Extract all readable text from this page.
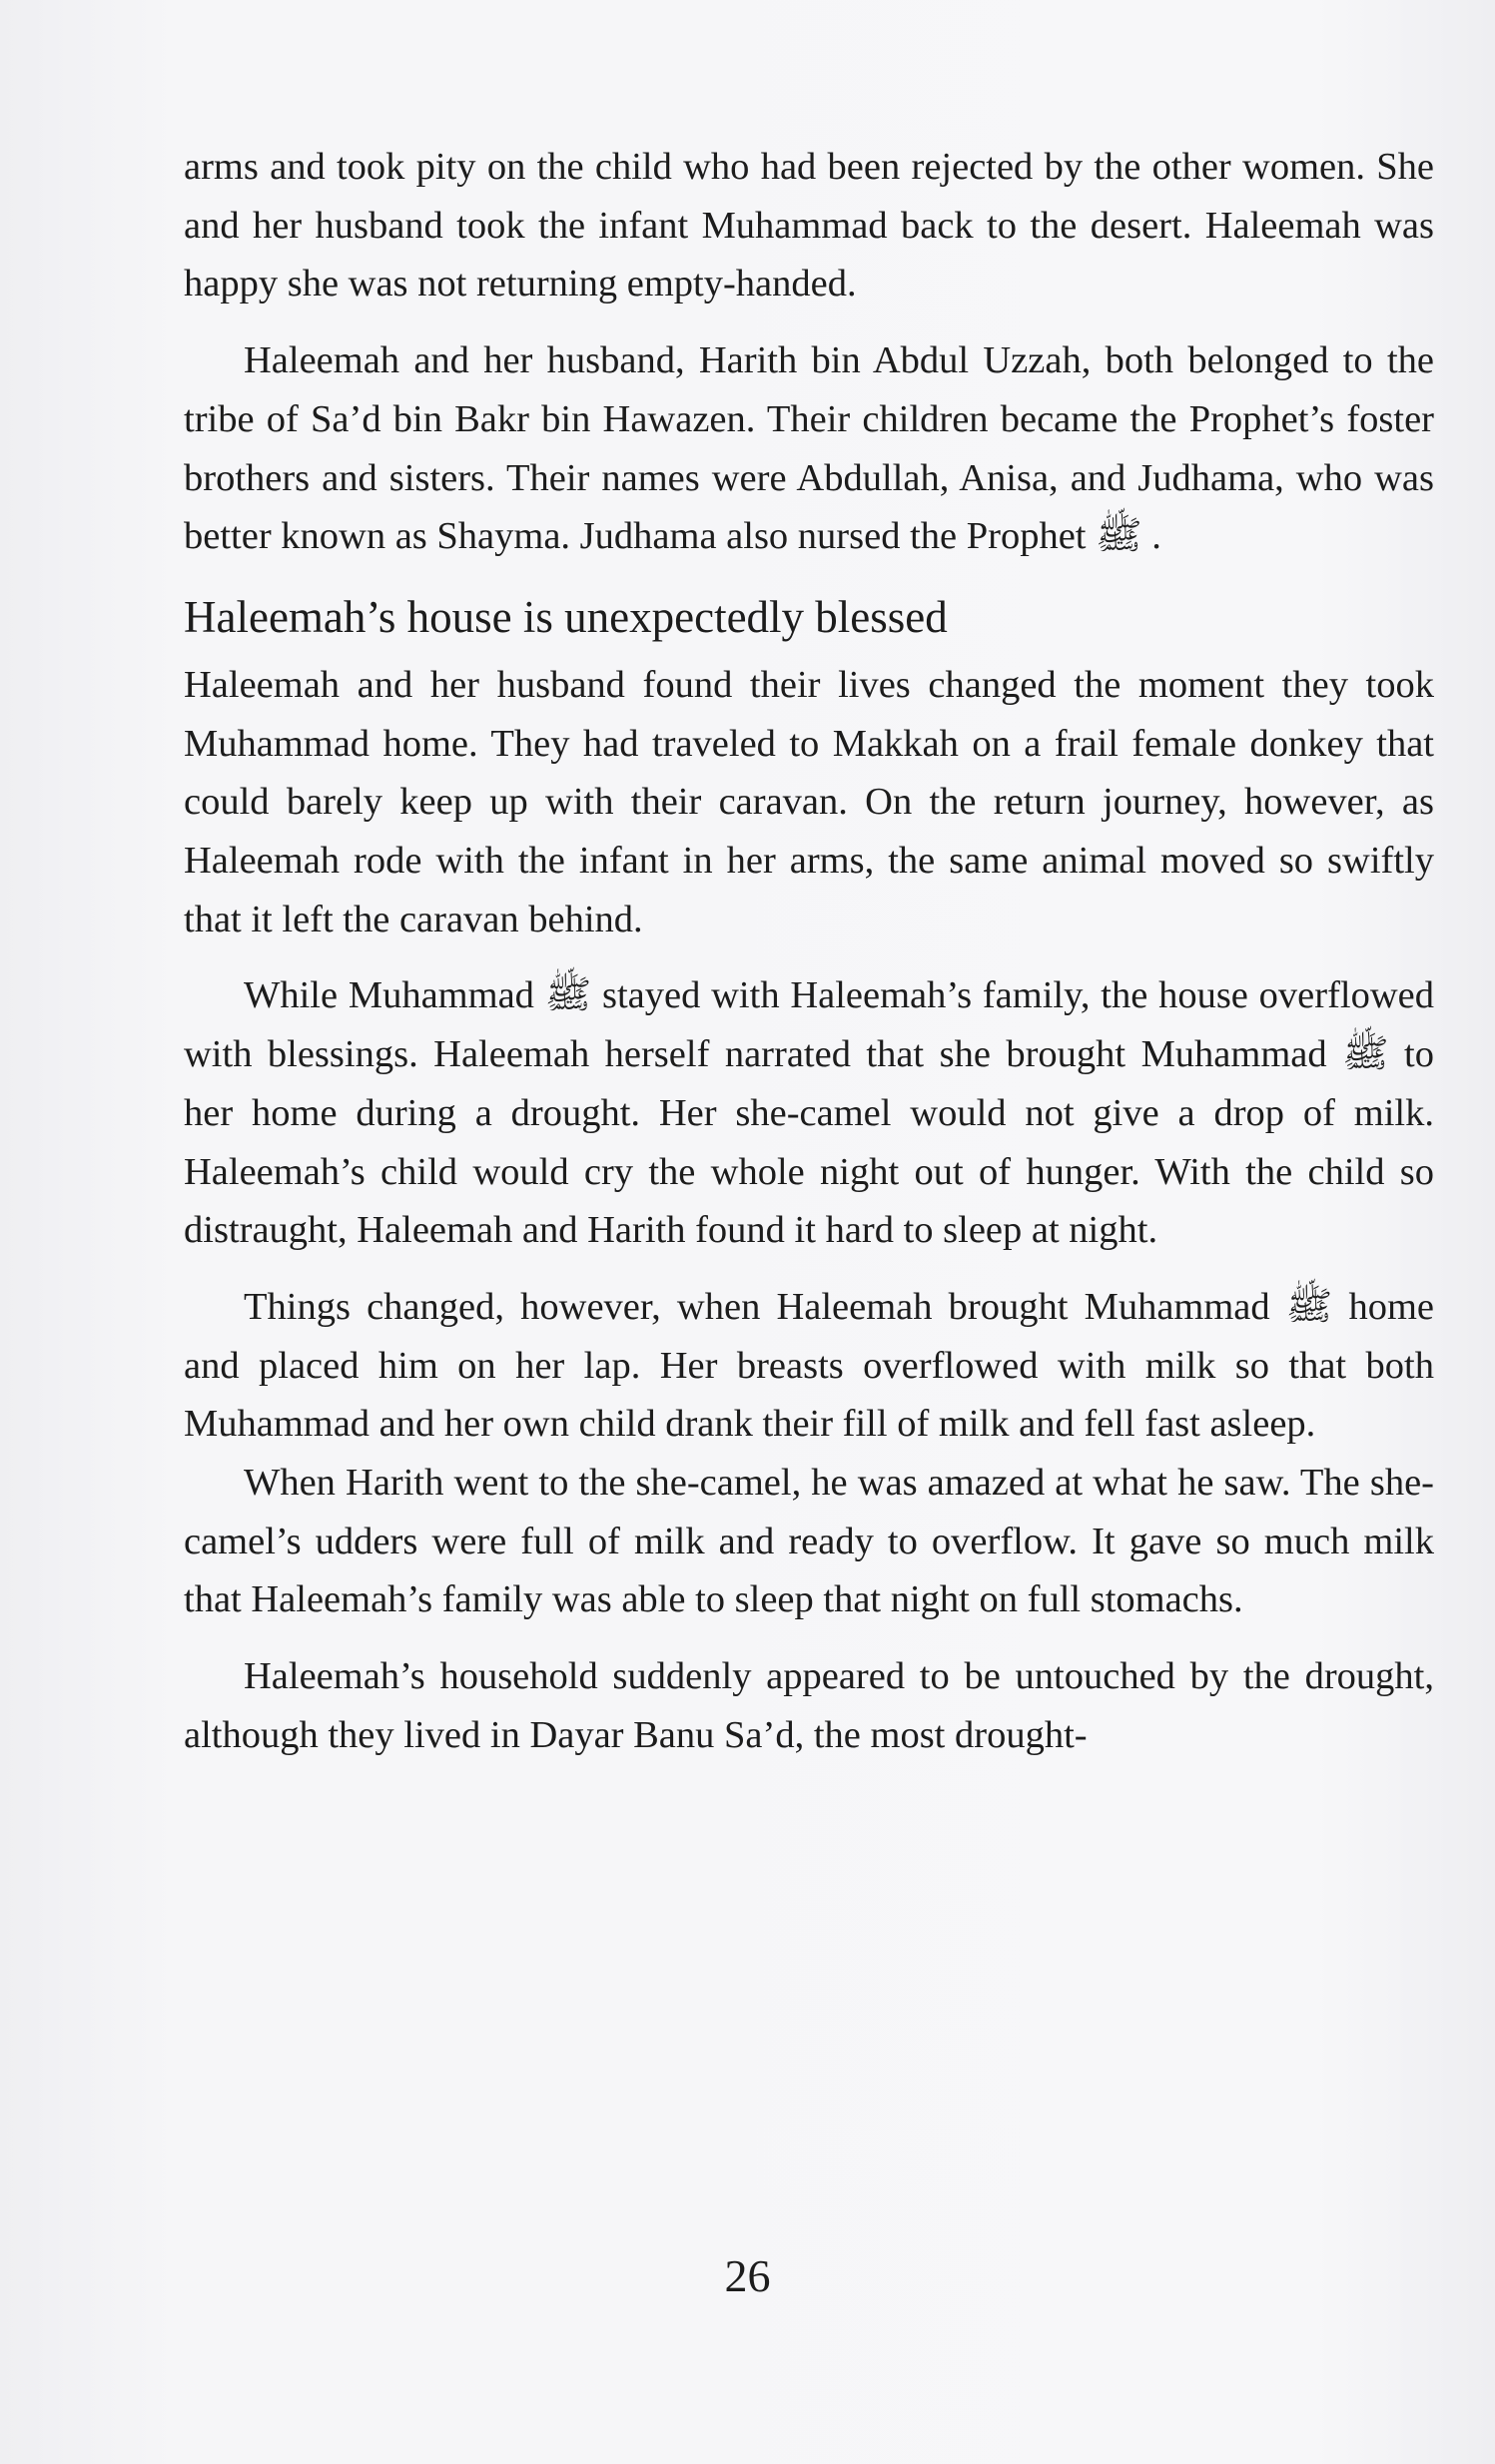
arms and took pity on the child who had been rejected by the other women. She and her husband took the infant Muhammad back to the desert. Haleemah was happy she was not returning empty-handed.

Haleemah and her husband, Harith bin Abdul Uzzah, both belonged to the tribe of Sa’d bin Bakr bin Hawazen. Their children became the Prophet’s foster brothers and sisters. Their names were Abdullah, Anisa, and Judhama, who was better known as Shayma. Judhama also nursed the Prophet ﷺ .

Haleemah’s house is unexpectedly blessed

Haleemah and her husband found their lives changed the moment they took Muhammad home. They had traveled to Makkah on a frail female donkey that could barely keep up with their caravan. On the return journey, however, as Haleemah rode with the infant in her arms, the same animal moved so swiftly that it left the caravan behind.

While Muhammad ﷺ stayed with Haleemah’s family, the house overflowed with blessings. Haleemah herself narrated that she brought Muhammad ﷺ to her home during a drought. Her she-camel would not give a drop of milk. Haleemah’s child would cry the whole night out of hunger. With the child so distraught, Haleemah and Harith found it hard to sleep at night.

Things changed, however, when Haleemah brought Muhammad ﷺ home and placed him on her lap. Her breasts overflowed with milk so that both Muhammad and her own child drank their fill of milk and fell fast asleep.

When Harith went to the she-camel, he was amazed at what he saw. The she-camel’s udders were full of milk and ready to overflow. It gave so much milk that Haleemah’s family was able to sleep that night on full stomachs.

Haleemah’s household suddenly appeared to be untouched by the drought, although they lived in Dayar Banu Sa’d, the most drought-

26
